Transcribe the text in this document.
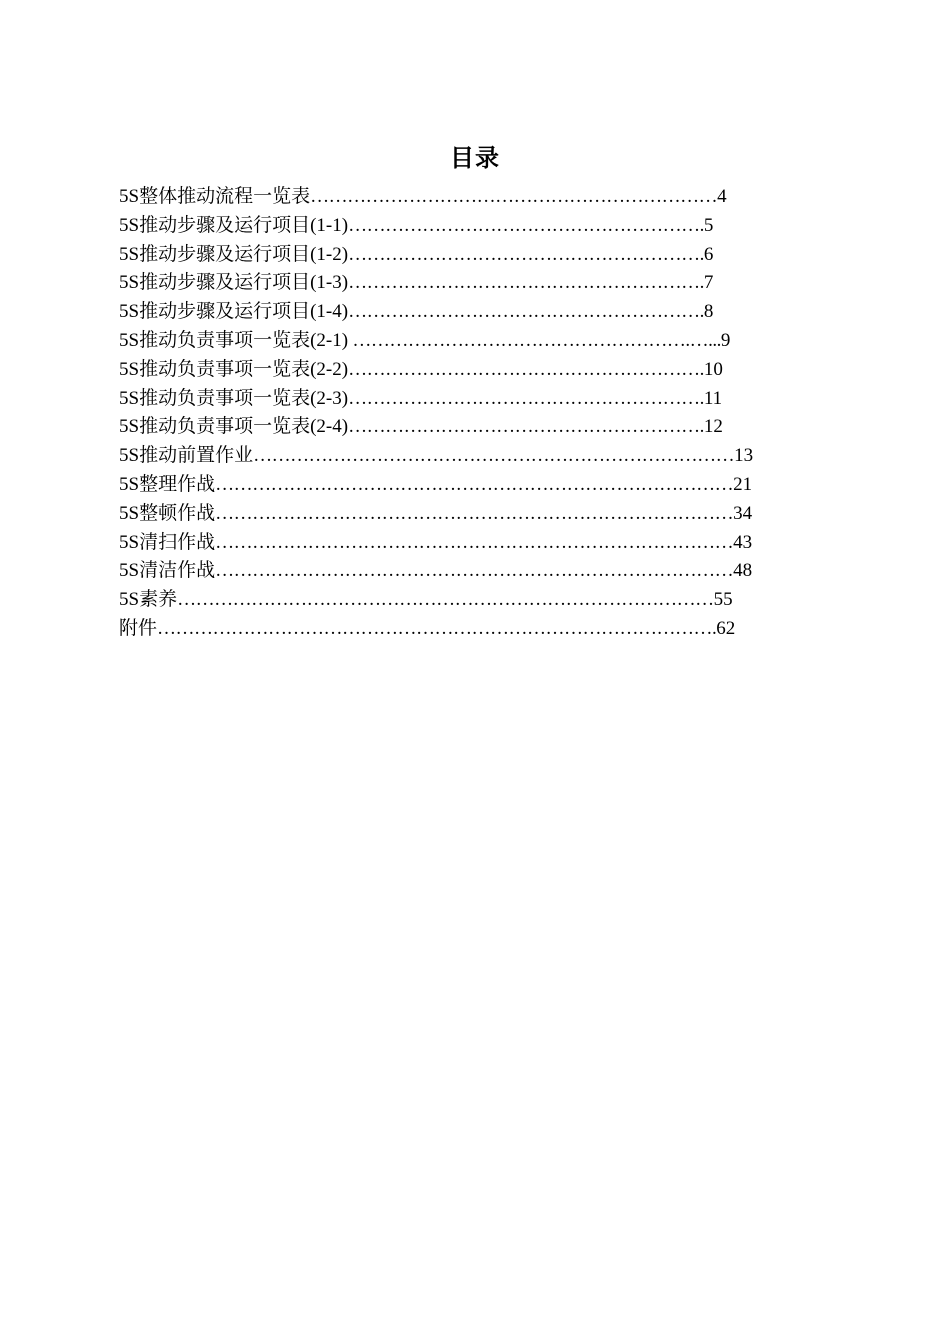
目录
5S整体推动流程一览表…………………………………………………………4
5S推动步骤及运行项目(1-1)………………………………………………….5
5S推动步骤及运行项目(1-2)………………………………………………….6
5S推动步骤及运行项目(1-3)………………………………………………….7
5S推动步骤及运行项目(1-4)………………………………………………….8
5S推动负责事项一览表(2-1) ……………………………………………….…...9
5S推动负责事项一览表(2-2)………………………………………………….10
5S推动负责事项一览表(2-3)………………………………………………….11
5S推动负责事项一览表(2-4)………………………………………………….12
5S推动前置作业……………………………………………………………………13
5S整理作战…………………………………………………………………………21
5S整顿作战…………………………………………………………………………34
5S清扫作战…………………………………………………………………………43
5S清洁作战…………………………………………………………………………48
5S素养……………………………………………………………………………55
附件……………………………………………………………………………….62
